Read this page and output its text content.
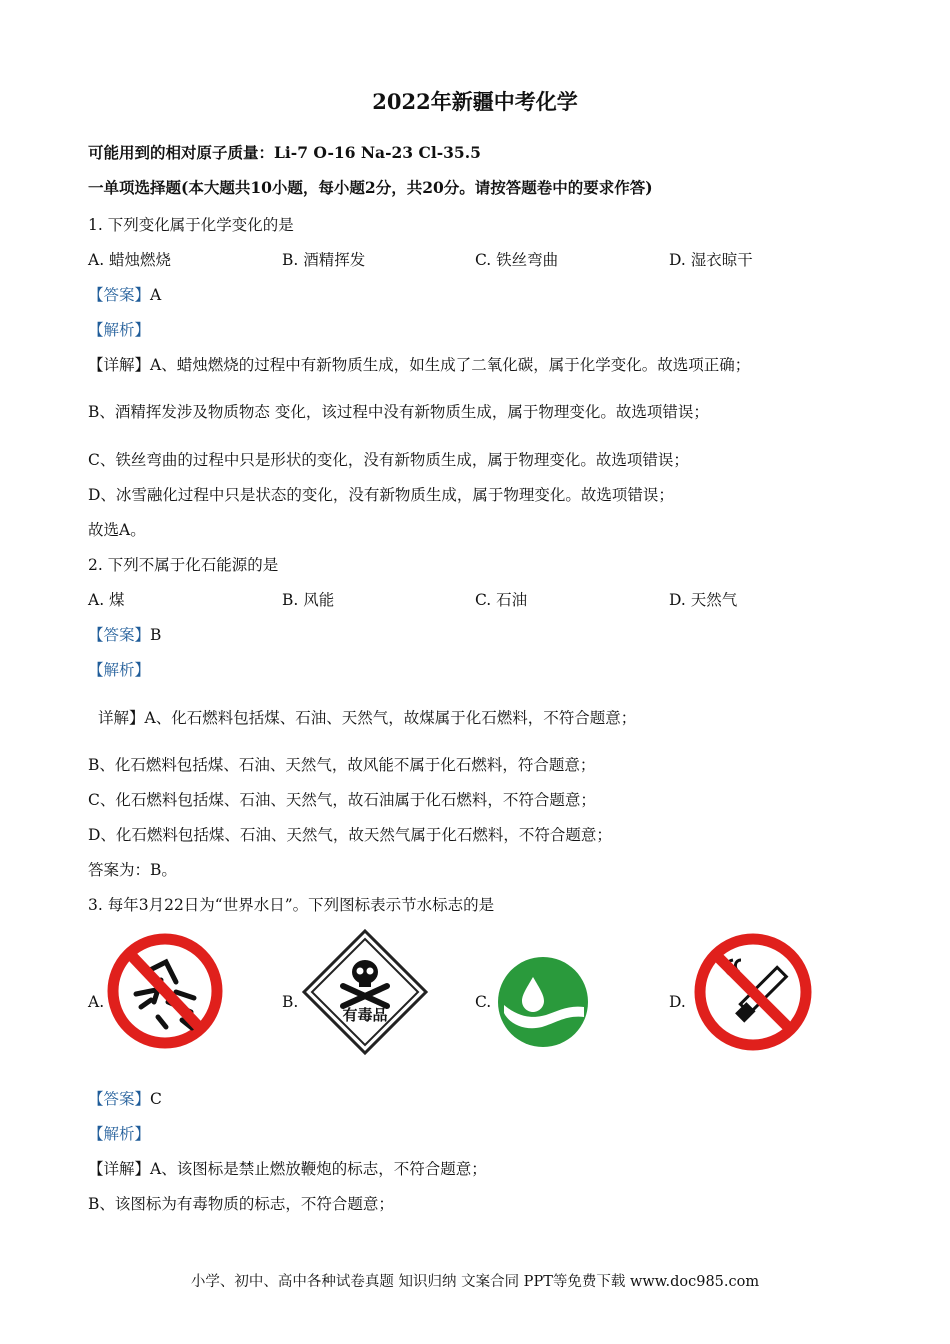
2022年新疆中考化学
可能用到的相对原子质量：Li-7 O-16 Na-23 Cl-35.5
一单项选择题(本大题共10小题，每小题2分，共20分。请按答题卷中的要求作答)
1. 下列变化属于化学变化的是
A. 蜡烛燃烧	B. 酒精挥发	C. 铁丝弯曲	D. 湿衣晾干
【答案】A
【解析】
【详解】A、蜡烛燃烧的过程中有新物质生成，如生成了二氧化碳，属于化学变化。故选项正确；
B、酒精挥发涉及物质物态 变化，该过程中没有新物质生成，属于物理变化。故选项错误；
C、铁丝弯曲的过程中只是形状的变化，没有新物质生成，属于物理变化。故选项错误；
D、冰雪融化过程中只是状态的变化，没有新物质生成，属于物理变化。故选项错误；
故选A。
2. 下列不属于化石能源的是
A. 煤	B. 风能	C. 石油	D. 天然气
【答案】B
【解析】
详解】A、化石燃料包括煤、石油、天然气，故煤属于化石燃料，不符合题意；
B、化石燃料包括煤、石油、天然气，故风能不属于化石燃料，符合题意；
C、化石燃料包括煤、石油、天然气，故石油属于化石燃料，不符合题意；
D、化石燃料包括煤、石油、天然气，故天然气属于化石燃料，不符合题意；
答案为：B。
3. 每年3月22日为“世界水日”。下列图标表示节水标志的是
A.	B.
有毒品
C.	D.
【答案】C
【解析】
【详解】A、该图标是禁止燃放鞭炮的标志，不符合题意；
B、该图标为有毒物质的标志，不符合题意；
小学、初中、高中各种试卷真题 知识归纳 文案合同 PPT等免费下载 www.doc985.com
